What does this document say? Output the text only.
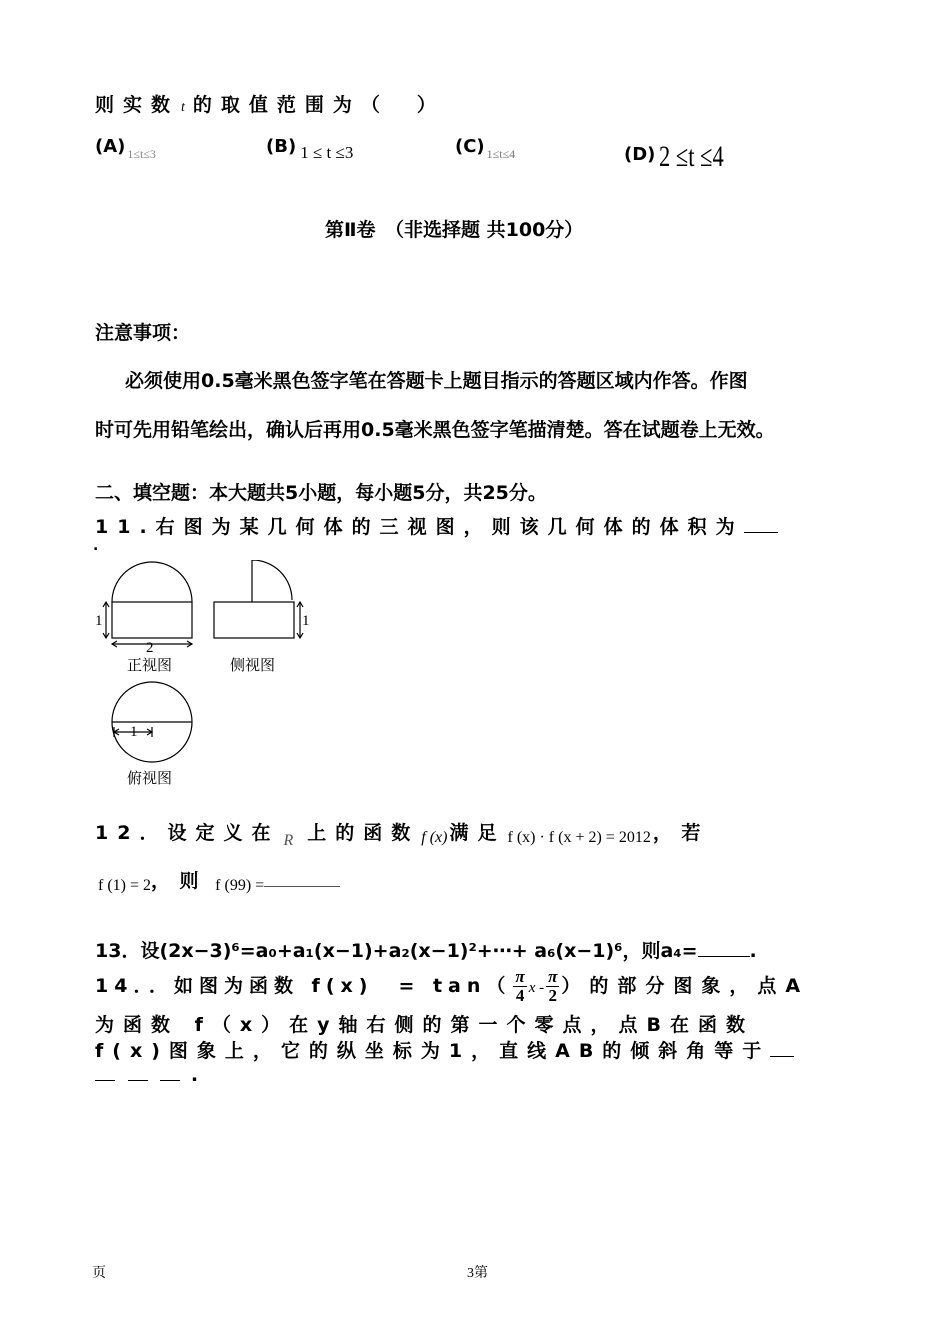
则实数 t 的取值范围为（　）
(A) $_{1\le t\le 3}$	(B) 1 ≤ t ≤3	(C) $_{1\le t\le 4}$	(D) 2 ≤t ≤4
第Ⅱ卷　（非选择题 共100分）
注意事项：
必须使用0.5毫米黑色签字笔在答题卡上题目指示的答题区域内作答。作图
时可先用铅笔绘出，确认后再用0.5毫米黑色签字笔描清楚。答在试题卷上无效。
二、填空题：本大题共5小题，每小题5分，共25分。
11.右图为某几何体的三视图，则该几何体的体积为
.
1
2
1
1
正视图	侧视图
俯视图
12．设定义在 $_R$ 上的函数 f (x) 满足 f (x) · f (x + 2) = 2012 ，　若
f (1) = 2，　则 f (99) =
13．设(2x−3)⁶=a₀+a₁(x−1)+a₂(x−1)²+⋯+ a₆(x−1)⁶，则a₄=	.
14．．如图为函数 f(x)　= $\tan( \frac{\pi}{4}$ x - $\frac{\pi}{2}$ ）的部分图象，点A
为函数 f（x）在y轴右侧的第一个零点，点B在函数
f(x)图象上，它的纵坐标为1，直线AB的倾斜角等于
.
页	3第
